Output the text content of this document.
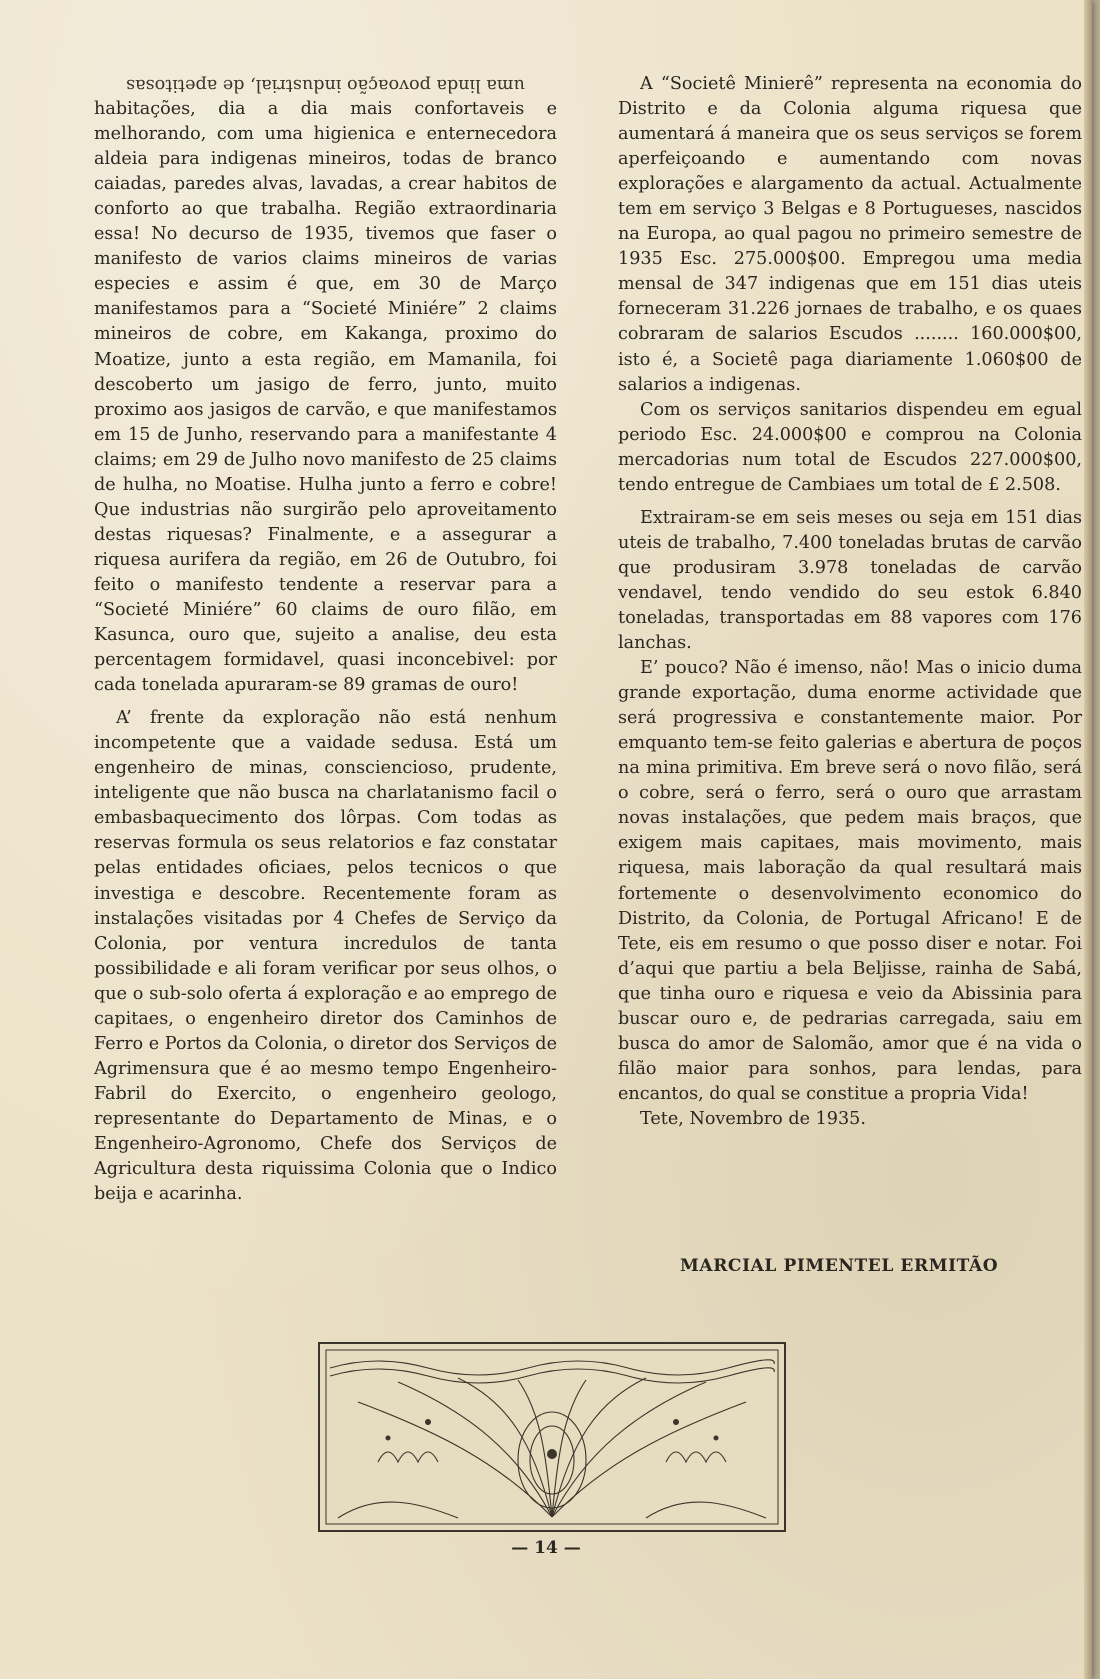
uma linda povoação industrial, de apetitosas

habitações, dia a dia mais confortaveis e melhorando, com uma higienica e enternecedora aldeia para indigenas mineiros, todas de branco caiadas, paredes alvas, lavadas, a crear habitos de conforto ao que trabalha. Região extraordinaria essa! No decurso de 1935, tivemos que faser o manifesto de varios claims mineiros de varias especies e assim é que, em 30 de Março manifestamos para a “Societé Miniére” 2 claims mineiros de cobre, em Kakanga, proximo do Moatize, junto a esta região, em Mamanila, foi descoberto um jasigo de ferro, junto, muito proximo aos jasigos de carvão, e que manifestamos em 15 de Junho, reservando para a manifestante 4 claims; em 29 de Julho novo manifesto de 25 claims de hulha, no Moatise. Hulha junto a ferro e cobre! Que industrias não surgirão pelo aproveitamento destas riquesas? Finalmente, e a assegurar a riquesa aurifera da região, em 26 de Outubro, foi feito o manifesto tendente a reservar para a “Societé Miniére” 60 claims de ouro filão, em Kasunca, ouro que, sujeito a analise, deu esta percentagem formidavel, quasi inconcebivel: por cada tonelada apuraram-se 89 gramas de ouro!

A’ frente da exploração não está nenhum incompetente que a vaidade sedusa. Está um engenheiro de minas, consciencioso, prudente, inteligente que não busca na charlatanismo facil o embasbaquecimento dos lôrpas. Com todas as reservas formula os seus relatorios e faz constatar pelas entidades oficiaes, pelos tecnicos o que investiga e descobre. Recentemente foram as instalações visitadas por 4 Chefes de Serviço da Colonia, por ventura incredulos de tanta possibilidade e ali foram verificar por seus olhos, o que o sub-solo oferta á exploração e ao emprego de capitaes, o engenheiro diretor dos Caminhos de Ferro e Portos da Colonia, o diretor dos Serviços de Agrimensura que é ao mesmo tempo Engenheiro-Fabril do Exercito, o engenheiro geologo, representante do Departamento de Minas, e o Engenheiro-Agronomo, Chefe dos Serviços de Agricultura desta riquissima Colonia que o Indico beija e acarinha.

A “Societê Minierê” representa na economia do Distrito e da Colonia alguma riquesa que aumentará á maneira que os seus serviços se forem aperfeiçoando e aumentando com novas explorações e alargamento da actual. Actualmente tem em serviço 3 Belgas e 8 Portugueses, nascidos na Europa, ao qual pagou no primeiro semestre de 1935 Esc. 275.000$00. Empregou uma media mensal de 347 indigenas que em 151 dias uteis forneceram 31.226 jornaes de trabalho, e os quaes cobraram de salarios Escudos ........ 160.000$00, isto é, a Societê paga diariamente 1.060$00 de salarios a indigenas.

Com os serviços sanitarios dispendeu em egual periodo Esc. 24.000$00 e comprou na Colonia mercadorias num total de Escudos 227.000$00, tendo entregue de Cambiaes um total de £ 2.508.

Extrairam-se em seis meses ou seja em 151 dias uteis de trabalho, 7.400 toneladas brutas de carvão que produsiram 3.978 toneladas de carvão vendavel, tendo vendido do seu estok 6.840 toneladas, transportadas em 88 vapores com 176 lanchas.

E’ pouco? Não é imenso, não! Mas o inicio duma grande exportação, duma enorme actividade que será progressiva e constantemente maior. Por emquanto tem-se feito galerias e abertura de poços na mina primitiva. Em breve será o novo filão, será o cobre, será o ferro, será o ouro que arrastam novas instalações, que pedem mais braços, que exigem mais capitaes, mais movimento, mais riquesa, mais laboração da qual resultará mais fortemente o desenvolvimento economico do Distrito, da Colonia, de Portugal Africano! E de Tete, eis em resumo o que posso diser e notar. Foi d’aqui que partiu a bela Beljisse, rainha de Sabá, que tinha ouro e riquesa e veio da Abissinia para buscar ouro e, de pedrarias carregada, saiu em busca do amor de Salomão, amor que é na vida o filão maior para sonhos, para lendas, para encantos, do qual se constitue a propria Vida!

Tete, Novembro de 1935.

MARCIAL PIMENTEL ERMITÃO
— 14 —
